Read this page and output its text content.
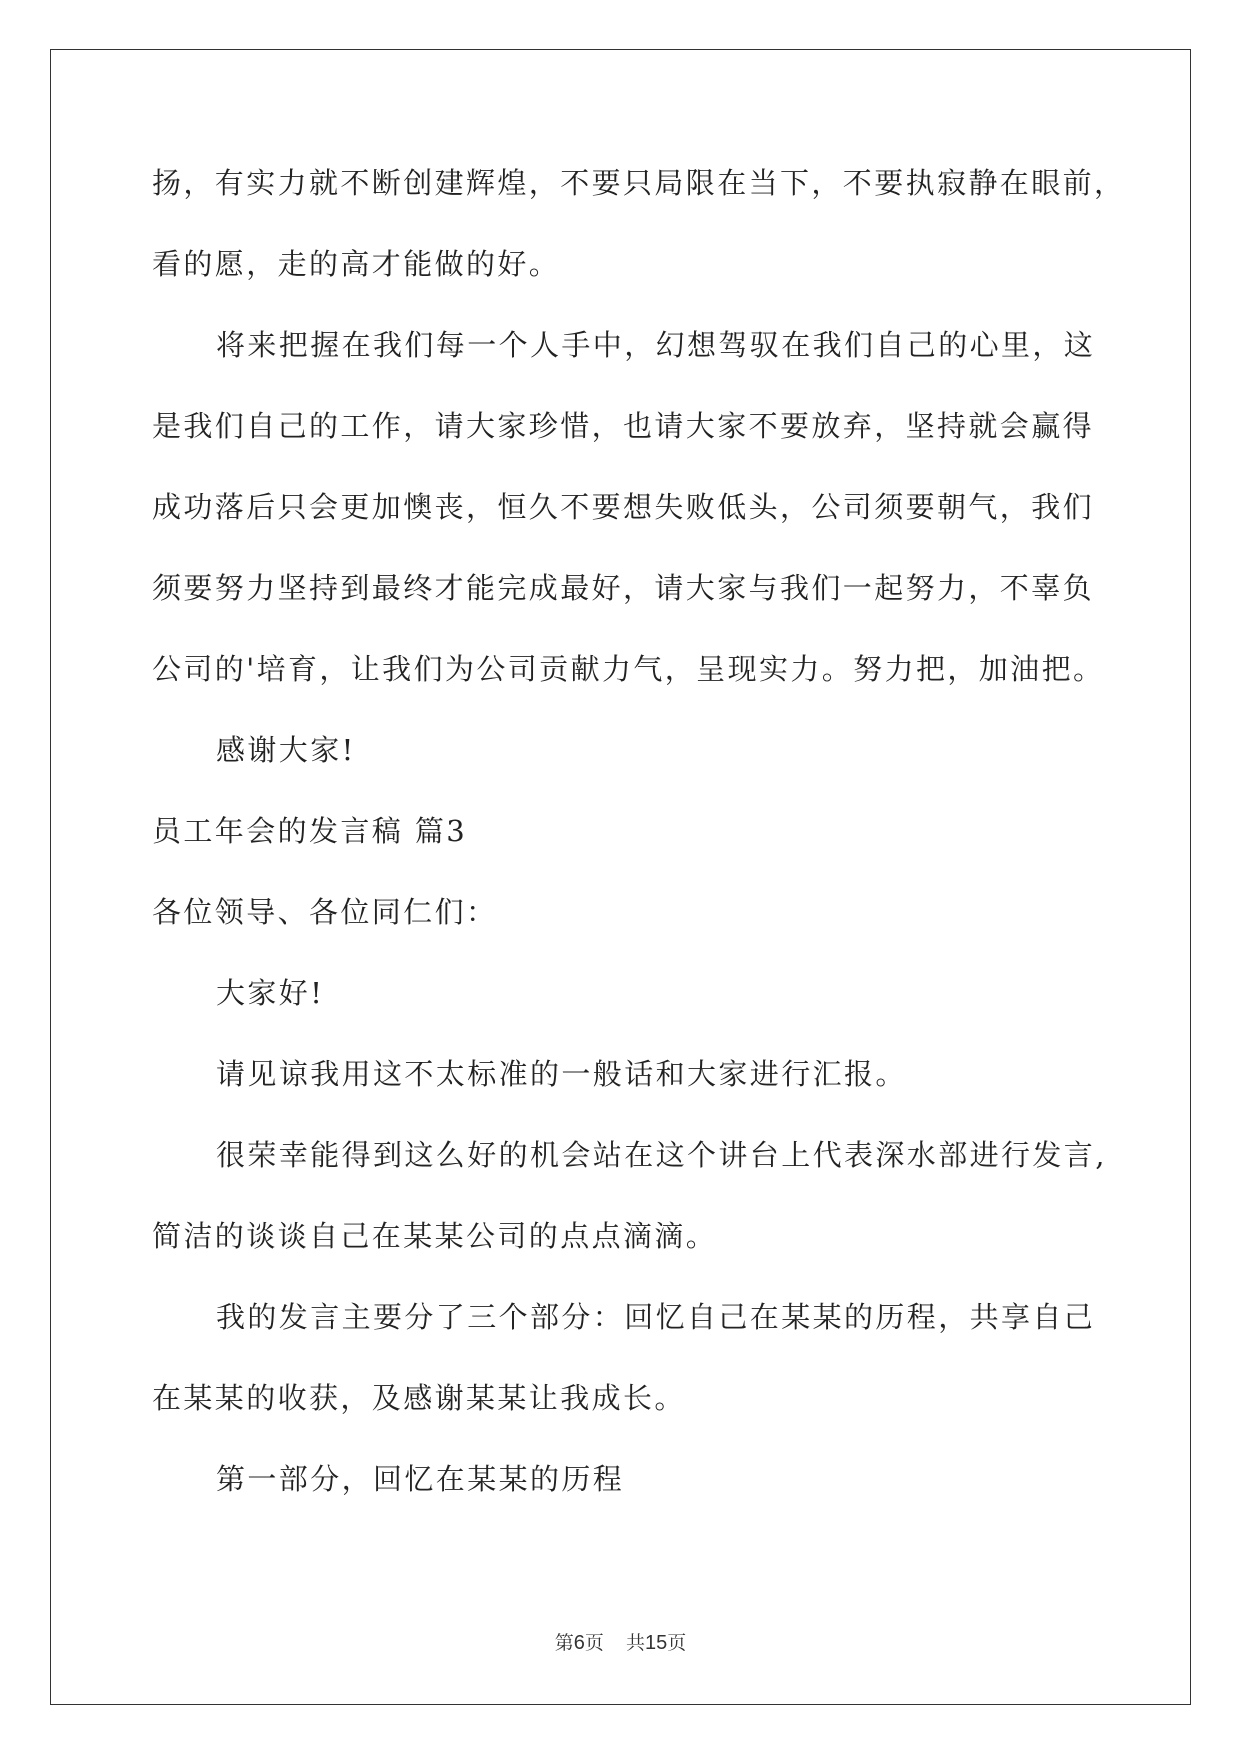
扬，有实力就不断创建辉煌，不要只局限在当下，不要执寂静在眼前，
看的愿，走的高才能做的好。
将来把握在我们每一个人手中，幻想驾驭在我们自己的心里，这
是我们自己的工作，请大家珍惜，也请大家不要放弃，坚持就会赢得
成功落后只会更加懊丧，恒久不要想失败低头，公司须要朝气，我们
须要努力坚持到最终才能完成最好，请大家与我们一起努力，不辜负
公司的'培育，让我们为公司贡献力气，呈现实力。努力把，加油把。
感谢大家!
员工年会的发言稿 篇3
各位领导、各位同仁们：
大家好!
请见谅我用这不太标准的一般话和大家进行汇报。
很荣幸能得到这么好的机会站在这个讲台上代表深水部进行发言,
简洁的谈谈自己在某某公司的点点滴滴。
我的发言主要分了三个部分：回忆自己在某某的历程，共享自己
在某某的收获，及感谢某某让我成长。
第一部分，回忆在某某的历程
第6页 共15页
